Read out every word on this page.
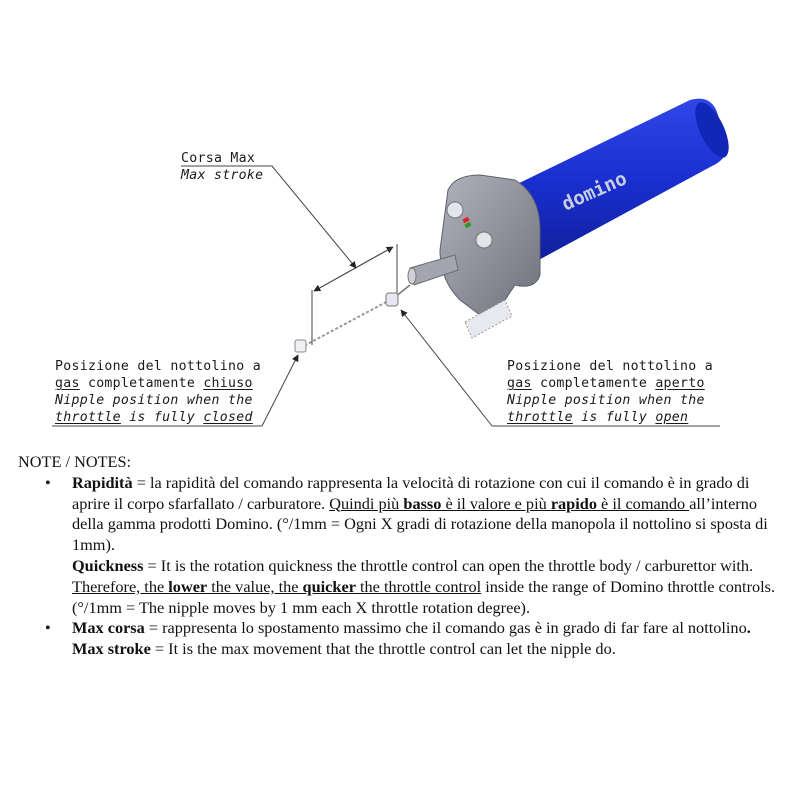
domino
Corsa Max
Max stroke
Posizione del nottolino a
gas completamente chiuso
Nipple position when the
throttle is fully closed
Posizione del nottolino a
gas completamente aperto
Nipple position when the
throttle is fully open

NOTE / NOTES:

• Rapidità = la rapidità del comando rappresenta la velocità di rotazione con cui il comando è in grado di aprire il corpo sfarfallato / carburatore. Quindi più basso è il valore e più rapido è il comando all’interno della gamma prodotti Domino. (°/1mm = Ogni X gradi di rotazione della manopola il nottolino si sposta di 1mm).

Quickness = It is the rotation quickness the throttle control can open the throttle body / carburettor with. Therefore, the lower the value, the quicker the throttle control inside the range of Domino throttle controls. (°/1mm = The nipple moves by 1 mm each X throttle rotation degree).

• Max corsa = rappresenta lo spostamento massimo che il comando gas è in grado di far fare al nottolino.

Max stroke = It is the max movement that the throttle control can let the nipple do.
